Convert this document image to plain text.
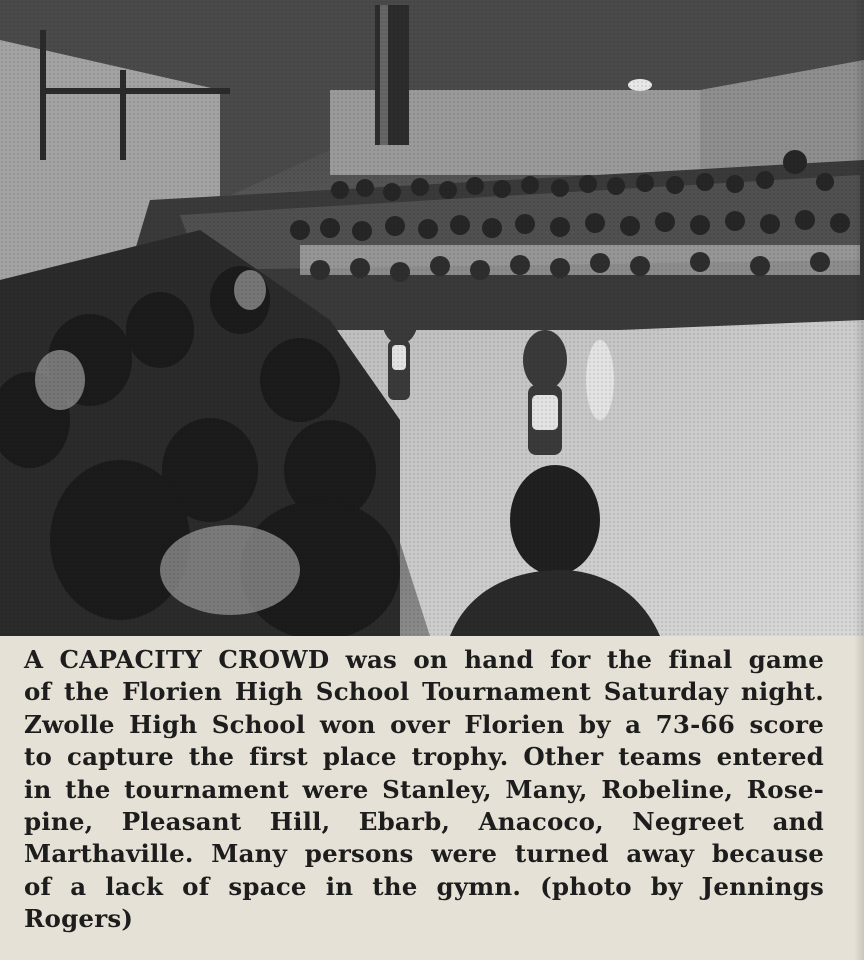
A CAPACITY CROWD was on hand for the final game
of the Florien High School Tournament Saturday night.
Zwolle High School won over Florien by a 73-66 score
to capture the first place trophy. Other teams entered
in the tournament were Stanley, Many, Robeline, Rose-
pine, Pleasant Hill, Ebarb, Anacoco, Negreet and
Marthaville. Many persons were turned away because
of a lack of space in the gymn. (photo by Jennings
Rogers)
